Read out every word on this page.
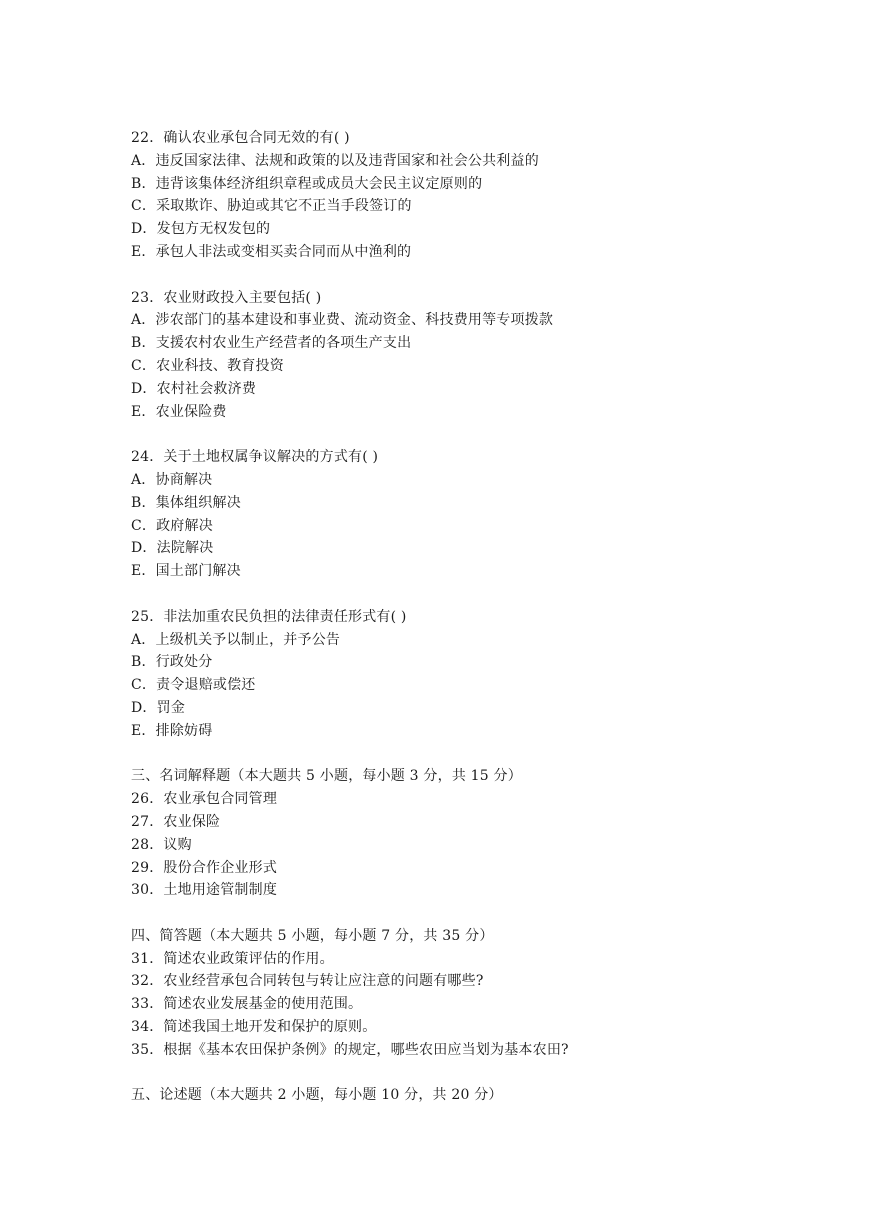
22．确认农业承包合同无效的有( )
A．违反国家法律、法规和政策的以及违背国家和社会公共利益的
B．违背该集体经济组织章程或成员大会民主议定原则的
C．采取欺诈、胁迫或其它不正当手段签订的
D．发包方无权发包的
E．承包人非法或变相买卖合同而从中渔利的
23．农业财政投入主要包括( )
A．涉农部门的基本建设和事业费、流动资金、科技费用等专项拨款
B．支援农村农业生产经营者的各项生产支出
C．农业科技、教育投资
D．农村社会救济费
E．农业保险费
24．关于土地权属争议解决的方式有( )
A．协商解决
B．集体组织解决
C．政府解决
D．法院解决
E．国土部门解决
25．非法加重农民负担的法律责任形式有( )
A．上级机关予以制止，并予公告
B．行政处分
C．责令退赔或偿还
D．罚金
E．排除妨碍
三、名词解释题（本大题共 5 小题，每小题 3 分，共 15 分）
26．农业承包合同管理
27．农业保险
28．议购
29．股份合作企业形式
30．土地用途管制制度
四、简答题（本大题共 5 小题，每小题 7 分，共 35 分）
31．简述农业政策评估的作用。
32．农业经营承包合同转包与转让应注意的问题有哪些?
33．简述农业发展基金的使用范围。
34．简述我国土地开发和保护的原则。
35．根据《基本农田保护条例》的规定，哪些农田应当划为基本农田?
五、论述题（本大题共 2 小题，每小题 10 分，共 20 分）
